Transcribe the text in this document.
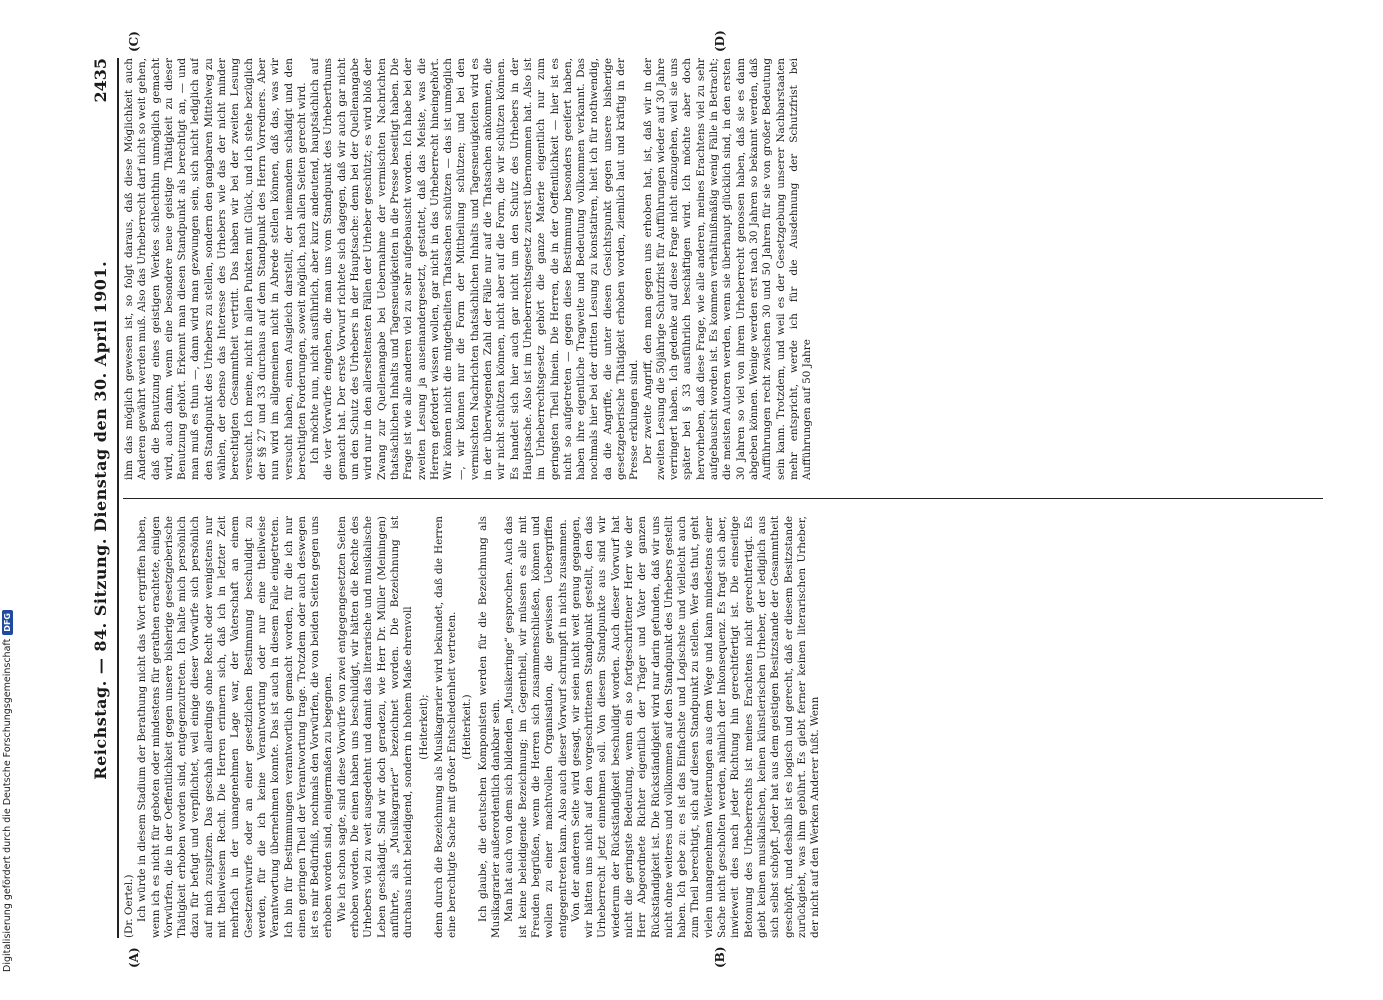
Reichstag. — 84. Sitzung. Dienstag den 30. April 1901.
2435
(A)	(B)
(C)	(D)

(Dr. Oertel.) Ich würde in diesem Stadium der Berathung nicht das Wort ergriffen haben, wenn ich es nicht für geboten oder mindestens für gerathen erachtete, einigen Vorwürfen, die in der Oeffentlichkeit gegen unsere bisherige gesetzgeberische Thätigkeit erhoben worden sind, entgegenzutreten. Ich halte mich persönlich dazu für befugt und verpflichtet, weil einige dieser Vorwürfe sich persönlich auf mich zuspitzen. Das geschah allerdings ohne Recht oder wenigstens nur mit theilweisem Recht. Die Herren erinnern sich, daß ich in letzter Zeit mehrfach in der unangenehmen Lage war, der Vaterschaft an einem Gesetzentwurfe oder an einer gesetzlichen Bestimmung beschuldigt zu werden, für die ich keine Verantwortung oder nur eine theilweise Verantwortung übernehmen konnte. Das ist auch in diesem Falle eingetreten. Ich bin für Bestimmungen verantwortlich gemacht worden, für die ich nur einen geringen Theil der Verantwortung trage. Trotzdem oder auch deswegen ist es mir Bedürfniß, nochmals den Vorwürfen, die von beiden Seiten gegen uns erhoben worden sind, einigermaßen zu begegnen. Wie ich schon sagte, sind diese Vorwürfe von zwei entgegengesetzten Seiten erhoben worden. Die einen haben uns beschuldigt, wir hätten die Rechte des Urhebers viel zu weit ausgedehnt und damit das literarische und musikalische Leben geschädigt. Sind wir doch geradezu, wie Herr Dr. Müller (Meiningen) anführte, als „Musikagrarier“ bezeichnet worden. Die Bezeichnung ist durchaus nicht beleidigend, sondern in hohem Maße ehrenvoll (Heiterkeit); denn durch die Bezeichnung als Musikagrarier wird bekundet, daß die Herren eine berechtigte Sache mit großer Entschiedenheit vertreten. (Heiterkeit.) Ich glaube, die deutschen Komponisten werden für die Bezeichnung als Musikagrarier außerordentlich dankbar sein. Man hat auch von dem sich bildenden „Musikeringe“ gesprochen. Auch das ist keine beleidigende Bezeichnung; im Gegentheil, wir müssen es alle mit Freuden begrüßen, wenn die Herren sich zusammenschließen, können und wollen zu einer machtvollen Organisation, die gewissen Uebergriffen entgegentreten kann. Also auch dieser Vorwurf schrumpft in nichts zusammen. Von der anderen Seite wird gesagt, wir seien nicht weit genug gegangen, wir hätten uns nicht auf den vorgeschrittenen Standpunkt gestellt, den das Urheberrecht jetzt einnehmen soll. Von diesem Standpunkte aus sind wir wiederum der Rückständigkeit beschuldigt worden. Auch dieser Vorwurf hat nicht die geringste Bedeutung, wenn ein so fortgeschrittener Herr wie der Herr Abgeordnete Richter eigentlich der Träger und Vater der ganzen Rückständigkeit ist. Die Rückständigkeit wird nur darin gefunden, daß wir uns nicht ohne weiteres und vollkommen auf den Standpunkt des Urhebers gestellt haben. Ich gebe zu: es ist das Einfachste und Logischste und vielleicht auch zum Theil berechtigt, sich auf diesen Standpunkt zu stellen. Wer das thut, geht vielen unangenehmen Weiterungen aus dem Wege und kann mindestens einer Sache nicht gescholten werden, nämlich der Inkonsequenz. Es fragt sich aber, inwieweit dies nach jeder Richtung hin gerechtfertigt ist. Die einseitige Betonung des Urheberrechts ist meines Erachtens nicht gerechtfertigt. Es giebt keinen musikalischen, keinen künstlerischen Urheber, der lediglich aus sich selbst schöpft. Jeder hat aus dem geistigen Besitzstande der Gesammtheit geschöpft, und deshalb ist es logisch und gerecht, daß er diesem Besitzstande zurückgiebt, was ihm gebührt. Es giebt ferner keinen literarischen Urheber, der nicht auf den Werken Anderer fußt. Wenn

ihm das möglich gewesen ist, so folgt daraus, daß diese Möglichkeit auch Anderen gewährt werden muß. Also das Urheberrecht darf nicht so weit gehen, daß die Benutzung eines geistigen Werkes schlechthin unmöglich gemacht wird, auch dann, wenn eine besondere neue geistige Thätigkeit zu dieser Benutzung gehört. Erkennt man diesen Standpunkt als berechtigt an, — und man muß es thun —, dann wird man gezwungen sein, sich nicht lediglich auf den Standpunkt des Urhebers zu stellen, sondern den gangbaren Mittelweg zu wählen, der ebenso das Interesse des Urhebers wie das der nicht minder berechtigten Gesammtheit vertritt. Das haben wir bei der zweiten Lesung versucht. Ich meine, nicht in allen Punkten mit Glück, und ich stehe bezüglich der §§ 27 und 33 durchaus auf dem Standpunkt des Herrn Vorredners. Aber nun wird im allgemeinen nicht in Abrede stellen können, daß das, was wir versucht haben, einen Ausgleich darstellt, der niemandem schädigt und den berechtigten Forderungen, soweit möglich, nach allen Seiten gerecht wird. Ich möchte nun, nicht ausführlich, aber kurz andeutend, hauptsächlich auf die vier Vorwürfe eingehen, die man uns vom Standpunkt des Urheberthums gemacht hat. Der erste Vorwurf richtete sich dagegen, daß wir auch gar nicht um den Schutz des Urhebers in der Hauptsache: denn bei der Quellenangabe wird nur in den allerseltensten Fällen der Urheber geschützt; es wird bloß der Zwang zur Quellenangabe bei Uebernahme der vermischten Nachrichten thatsächlichen Inhalts und Tagesneuigkeiten in die Presse beseitigt haben. Die Frage ist wie alle anderen viel zu sehr aufgebauscht worden. Ich habe bei der zweiten Lesung ja auseinandergesetzt, gestattet, daß das Meiste, was die Herren gefordert wissen wollen, gar nicht in das Urheberrecht hineingehört. Wir können nicht die mitgetheilten Thatsachen schützen — das ist unmöglich —, wir können nur die Form der Mittheilung schützen; und bei den vermischten Nachrichten thatsächlichen Inhalts und Tagesneuigkeiten wird es in der überwiegenden Zahl der Fälle nur auf die Thatsachen ankommen, die wir nicht schützen können, nicht aber auf die Form, die wir schützen können. Es handelt sich hier auch gar nicht um den Schutz des Urhebers in der Hauptsache. Also ist im Urheberrechtsgesetz zuerst übernommen hat. Also ist im Urheberrechtsgesetz gehört die ganze Materie eigentlich nur zum geringsten Theil hinein. Die Herren, die in der Oeffentlichkeit — hier ist es nicht so aufgetreten — gegen diese Bestimmung besonders geeifert haben, haben ihre eigentliche Tragweite und Bedeutung vollkommen verkannt. Das nochmals hier bei der dritten Lesung zu konstatiren, hielt ich für nothwendig, da die Angriffe, die unter diesen Gesichtspunkt gegen unsere bisherige gesetzgeberische Thätigkeit erhoben worden, ziemlich laut und kräftig in der Presse erklungen sind. Der zweite Angriff, den man gegen uns erhoben hat, ist, daß wir in der zweiten Lesung die 50jährige Schutzfrist für Aufführungen wieder auf 30 Jahre verringert haben. Ich gedenke auf diese Frage nicht einzugehen, weil sie uns später bei § 33 ausführlich beschäftigen wird. Ich möchte aber doch hervorheben, daß diese Frage, wie alle anderen, meines Erachtens viel zu sehr aufgebauscht worden ist. Es kommen verhältnißmäßig wenig Fälle in Betracht; die meisten Autoren werden, wenn sie überhaupt glücklich sind, in den ersten 30 Jahren so viel von ihrem Urheberrecht genossen haben, daß sie es dann abgeben können. Wenige werden erst nach 30 Jahren so bekannt werden, daß Aufführungen recht zwischen 30 und 50 Jahren für sie von großer Bedeutung sein kann. Trotzdem, und weil es der Gesetzgebung unserer Nachbarstaaten mehr entspricht, werde ich für die Ausdehnung der Schutzfrist bei Aufführungen auf 50 Jahre

Digitalisierung gefördert durch die Deutsche Forschungsgemeinschaft
DFG
